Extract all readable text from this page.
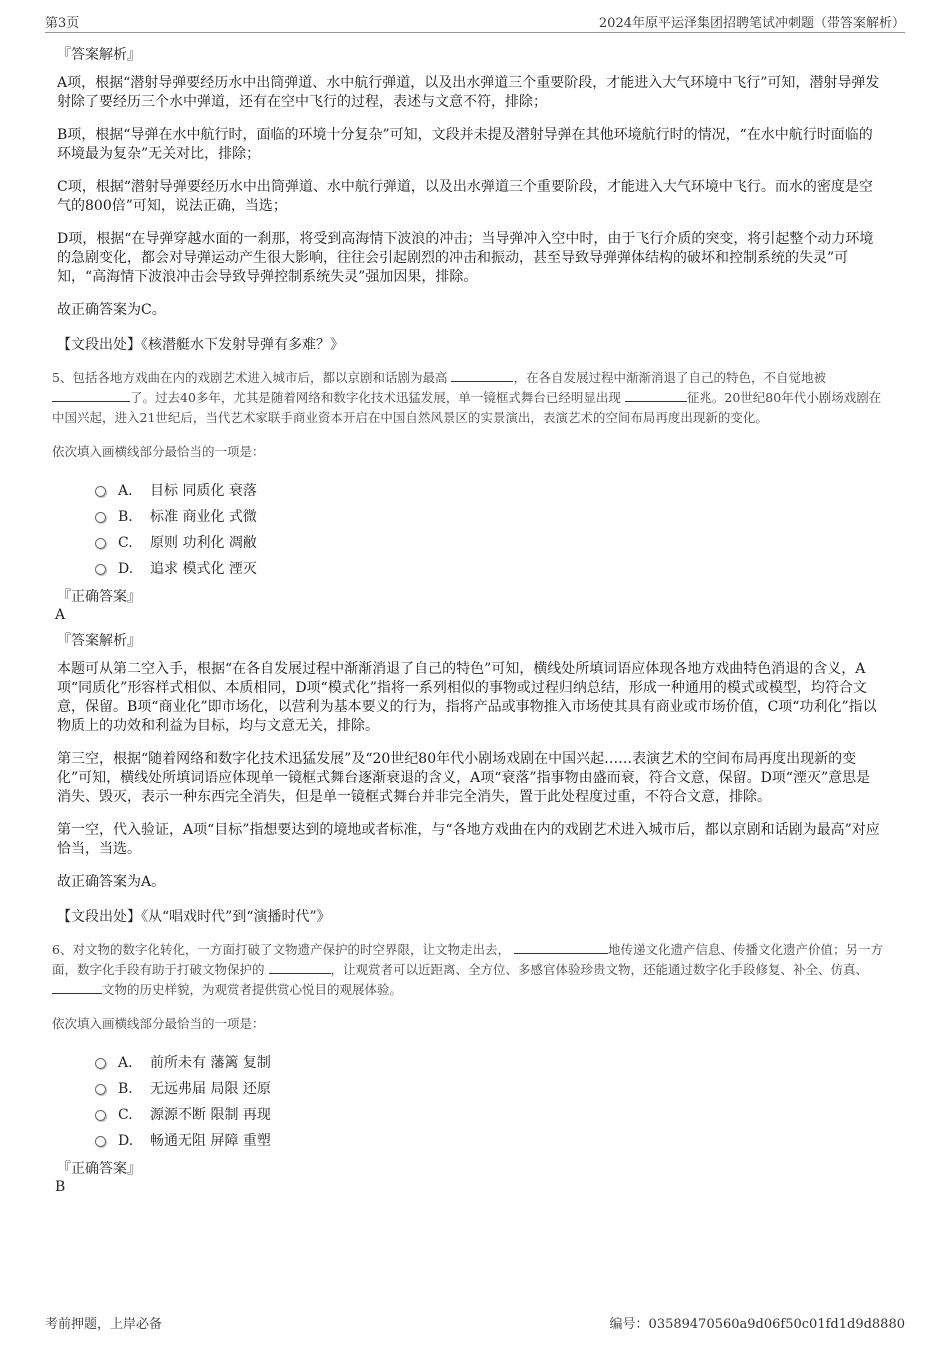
第3页	2024年原平运泽集团招聘笔试冲刺题（带答案解析）

『答案解析』

A项，根据“潜射导弹要经历水中出筒弹道、水中航行弹道，以及出水弹道三个重要阶段，才能进入大气环境中飞行”可知，潜射导弹发射除了要经历三个水中弹道，还有在空中飞行的过程，表述与文意不符，排除；

B项，根据“导弹在水中航行时，面临的环境十分复杂”可知，文段并未提及潜射导弹在其他环境航行时的情况，“在水中航行时面临的环境最为复杂”无关对比，排除；

C项，根据“潜射导弹要经历水中出筒弹道、水中航行弹道，以及出水弹道三个重要阶段，才能进入大气环境中飞行。而水的密度是空气的800倍”可知，说法正确，当选；

D项，根据“在导弹穿越水面的一刹那，将受到高海情下波浪的冲击；当导弹冲入空中时，由于飞行介质的突变，将引起整个动力环境的急剧变化，都会对导弹运动产生很大影响，往往会引起剧烈的冲击和振动，甚至导致导弹弹体结构的破坏和控制系统的失灵”可知，“高海情下波浪冲击会导致导弹控制系统失灵”强加因果，排除。

故正确答案为C。

【文段出处】《核潜艇水下发射导弹有多难？》

5、包括各地方戏曲在内的戏剧艺术进入城市后，都以京剧和话剧为最高	，在各自发展过程中渐渐消退了自己的特色，不自觉地被了。过去40多年，尤其是随着网络和数字化技术迅猛发展，单一镜框式舞台已经明显出现	征兆。20世纪80年代小剧场戏剧在中国兴起，进入21世纪后，当代艺术家联手商业资本开启在中国自然风景区的实景演出，表演艺术的空间布局再度出现新的变化。

依次填入画横线部分最恰当的一项是：

A． 目标 同质化 衰落
B.	标准 商业化 式微
C.	原则 功利化 凋敝
D.	追求 模式化 湮灭

『正确答案』

A

『答案解析』

本题可从第二空入手，根据“在各自发展过程中渐渐消退了自己的特色”可知，横线处所填词语应体现各地方戏曲特色消退的含义，A项“同质化”形容样式相似、本质相同，D项“模式化”指将一系列相似的事物或过程归纳总结，形成一种通用的模式或模型，均符合文意，保留。B项“商业化”即市场化，以营利为基本要义的行为，指将产品或事物推入市场使其具有商业或市场价值，C项“功利化”指以物质上的功效和利益为目标，均与文意无关，排除。

第三空，根据“随着网络和数字化技术迅猛发展”及“20世纪80年代小剧场戏剧在中国兴起……表演艺术的空间布局再度出现新的变化”可知，横线处所填词语应体现单一镜框式舞台逐渐衰退的含义，A项“衰落”指事物由盛而衰，符合文意，保留。D项“湮灭”意思是消失、毁灭，表示一种东西完全消失，但是单一镜框式舞台并非完全消失，置于此处程度过重，不符合文意，排除。

第一空，代入验证，A项“目标”指想要达到的境地或者标准，与“各地方戏曲在内的戏剧艺术进入城市后，都以京剧和话剧为最高”对应恰当，当选。

故正确答案为A。

【文段出处】《从“唱戏时代”到“演播时代”》

6、对文物的数字化转化，一方面打破了文物遗产保护的时空界限，让文物走出去，	地传递文化遗产信息、传播文化遗产价值；另一方面，数字化手段有助于打破文物保护的	，让观赏者可以近距离、全方位、多感官体验珍贵文物，还能通过数字化手段修复、补全、仿真、 文物的历史样貌，为观赏者提供赏心悦目的观展体验。

依次填入画横线部分最恰当的一项是：

A． 前所未有 藩篱 复制
B.	无远弗届 局限 还原
C.	源源不断 限制 再现
D.	畅通无阻 屏障 重塑

『正确答案』

B

考前押题，上岸必备	编号：03589470560a9d06f50c01fd1d9d8880
